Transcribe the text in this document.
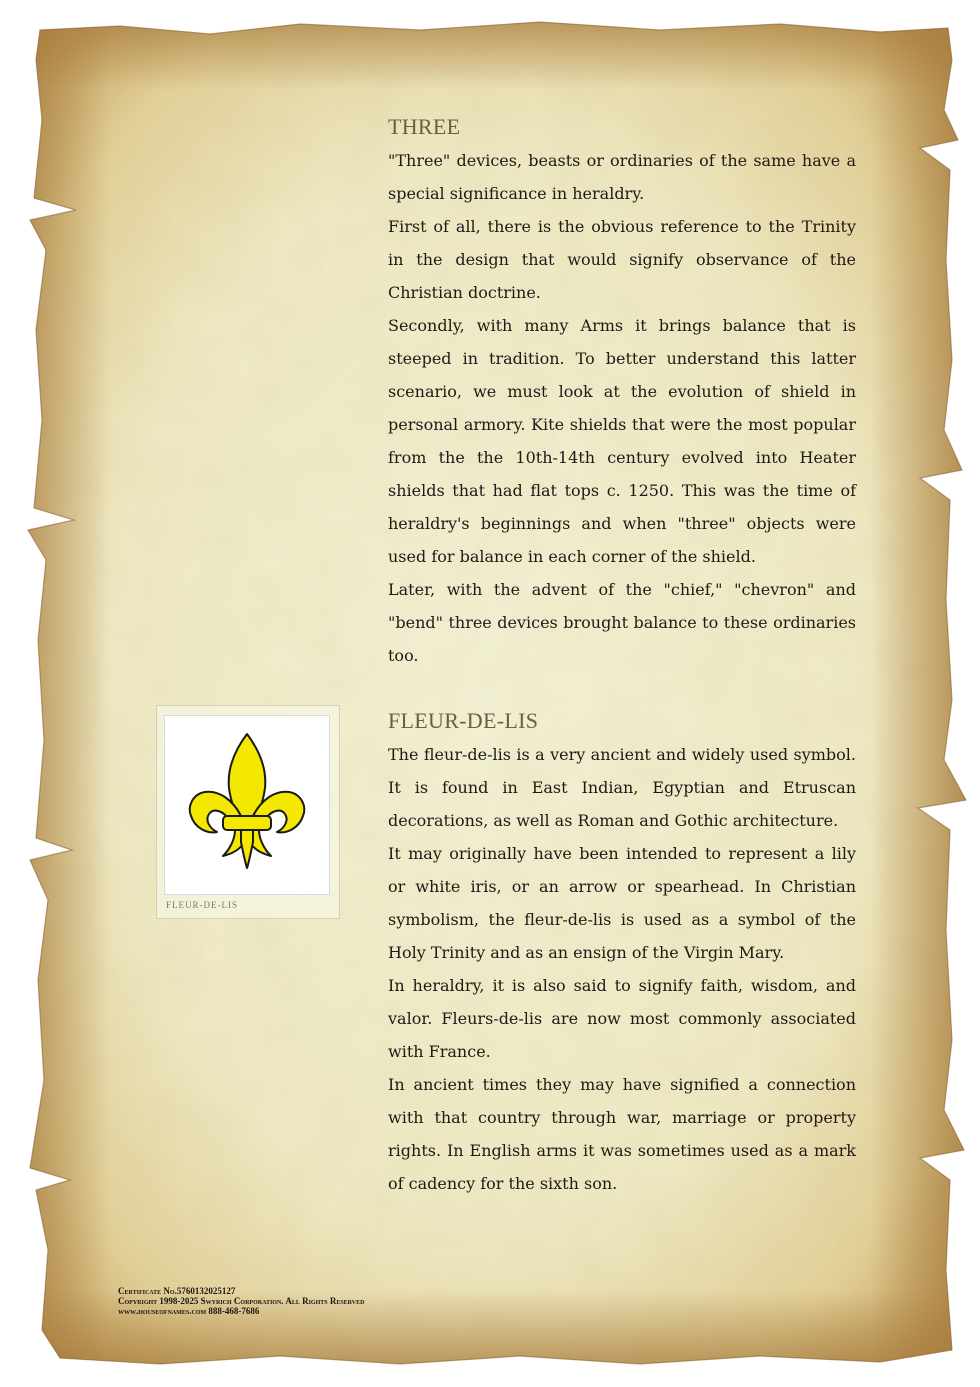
THREE

"Three" devices, beasts or ordinaries of the same have a special significance in heraldry.

First of all, there is the obvious reference to the Trinity in the design that would signify observance of the Christian doctrine.

Secondly, with many Arms it brings balance that is steeped in tradition. To better understand this latter scenario, we must look at the evolution of shield in personal armory. Kite shields that were the most popular from the the 10th-14th century evolved into Heater shields that had flat tops c. 1250. This was the time of heraldry's beginnings and when "three" objects were used for balance in each corner of the shield.

Later, with the advent of the "chief," "chevron" and "bend" three devices brought balance to these ordinaries too.

FLEUR-DE-LIS

The fleur-de-lis is a very ancient and widely used symbol. It is found in East Indian, Egyptian and Etruscan decorations, as well as Roman and Gothic architecture.

It may originally have been intended to represent a lily or white iris, or an arrow or spearhead. In Christian symbolism, the fleur-de-lis is used as a symbol of the Holy Trinity and as an ensign of the Virgin Mary.

In heraldry, it is also said to signify faith, wisdom, and valor. Fleurs-de-lis are now most commonly associated with France.

In ancient times they may have signified a connection with that country through war, marriage or property rights. In English arms it was sometimes used as a mark of cadency for the sixth son.

FLEUR-DE-LIS
Certificate No.5760132025127
Copyright 1998-2025 Swyrich Corporation. All Rights Reserved
www.houseofnames.com 888-468-7686
